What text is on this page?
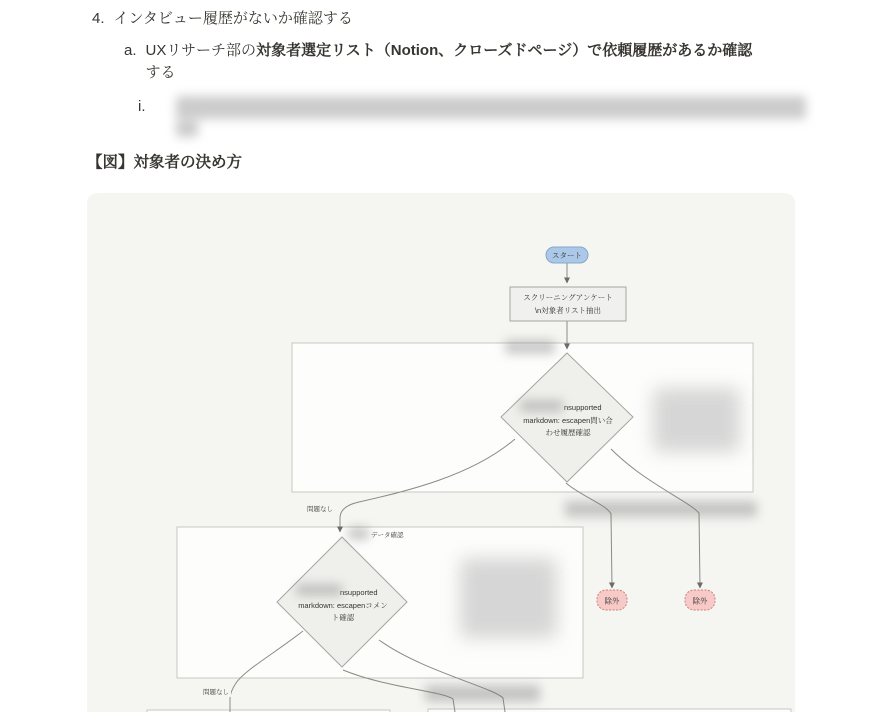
4. インタビュー履歴がないか確認する
a. UXリサーチ部の対象者選定リスト（Notion、クローズドページ）で依頼履歴があるか確認
する
i.
【図】対象者の決め方
スタート
スクリーニングアンケート
\n対象者リスト抽出
nsupported
markdown: escapen問い合
わせ履歴確認
データ確認
nsupported
markdown: escapenコメン
ト確認
除外	除外
問題なし
問題なし
